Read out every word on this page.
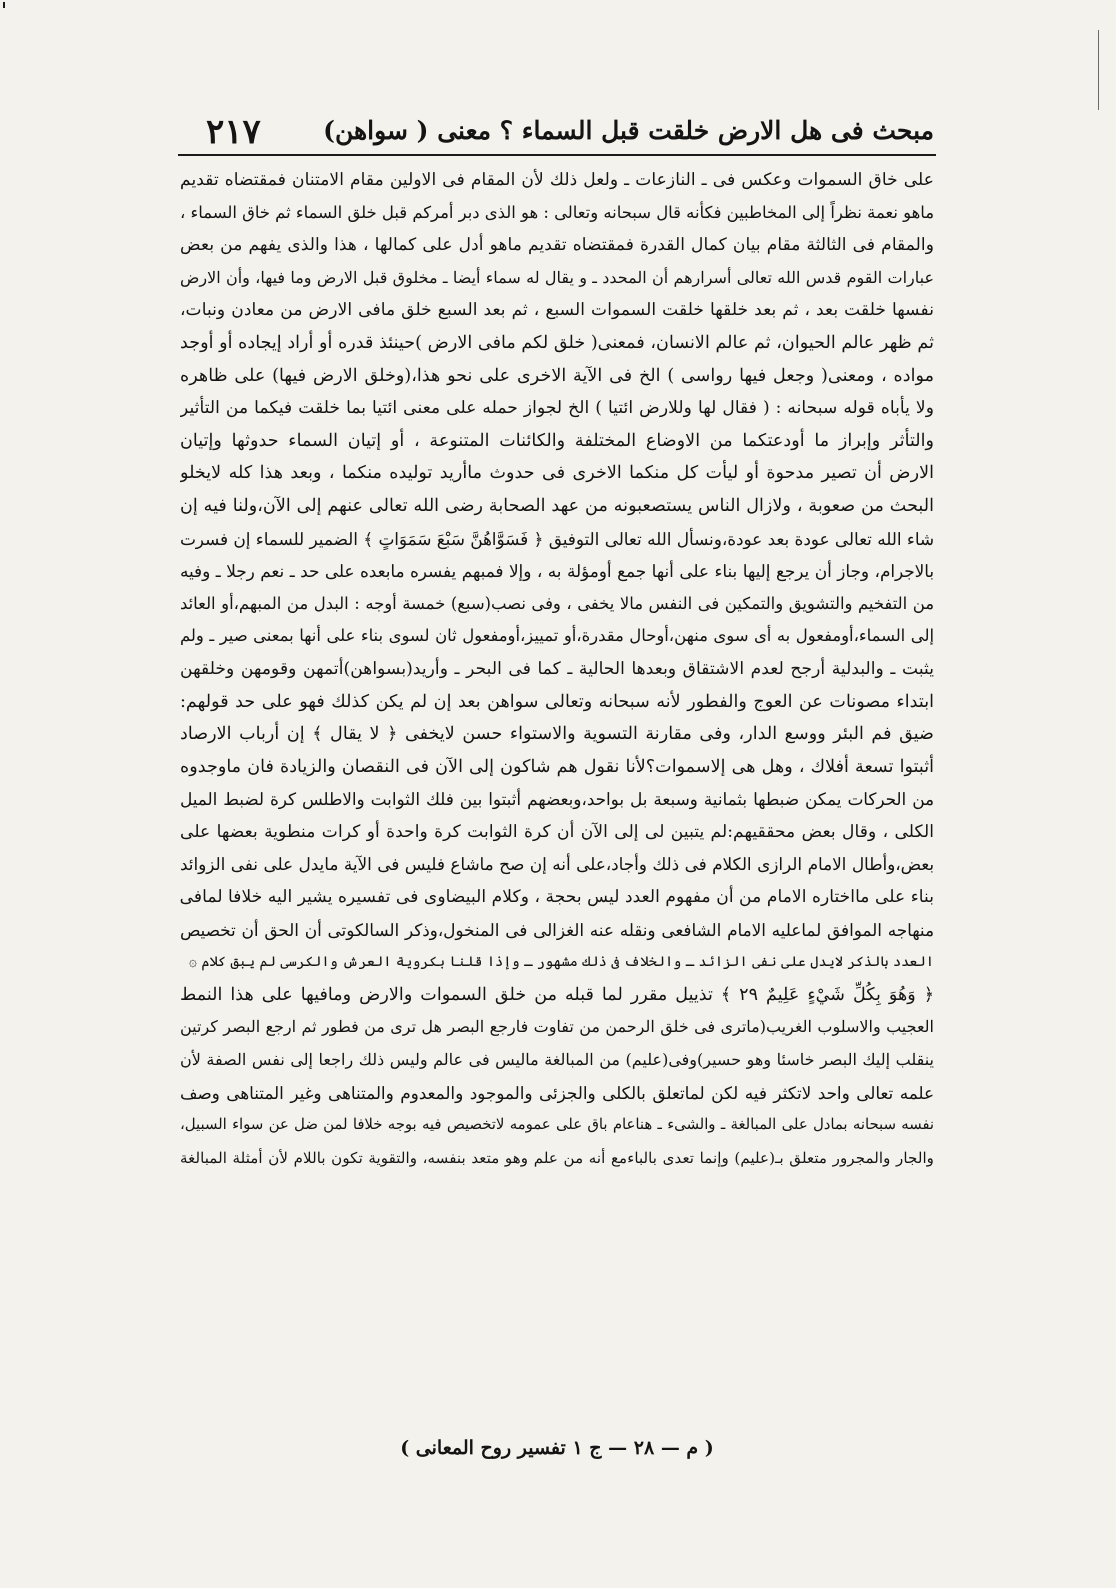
مبحث فى هل الارض خلقت قبل السماء ؟ معنى ( سواهن)
٢١٧
على خاق السموات وعكس فى ـ النازعات ـ ولعل ذلك لأن المقام فى الاولين مقام الامتنان فمقتضاه تقديم
ماهو نعمة نظراً إلى المخاطبين فكأنه قال سبحانه وتعالى : هو الذى دبر أمركم قبل خلق السماء ثم خاق السماء ،
والمقام فى الثالثة مقام بيان كمال القدرة فمقتضاه تقديم ماهو أدل على كمالها ، هذا والذى يفهم من بعض
عبارات القوم قدس الله تعالى أسرارهم أن المحدد ـ و يقال له سماء أيضا ـ مخلوق قبل الارض وما فيها، وأن الارض
نفسها خلقت بعد ، ثم بعد خلقها خلقت السموات السبع ، ثم بعد السبع خلق مافى الارض من معادن ونبات،
ثم ظهر عالم الحيوان، ثم عالم الانسان، فمعنى( خلق لكم مافى الارض )حينئذ قدره أو أراد إيجاده أو أوجد
مواده ، ومعنى( وجعل فيها رواسى ) الخ فى الآية الاخرى على نحو هذا،(وخلق الارض فيها) على ظاهره
ولا يأباه قوله سبحانه : ( فقال لها وللارض ائتيا ) الخ لجواز حمله على معنى ائتيا بما خلقت فيكما من التأثير
والتأثر وإبراز ما أودعتكما من الاوضاع المختلفة والكائنات المتنوعة ، أو إتيان السماء حدوثها وإتيان
الارض أن تصير مدحوة أو ليأت كل منكما الاخرى فى حدوث ماأريد توليده منكما ، وبعد هذا كله لايخلو
البحث من صعوبة ، ولازال الناس يستصعبونه من عهد الصحابة رضى الله تعالى عنهم إلى الآن،ولنا فيه إن
شاء الله تعالى عودة بعد عودة،ونسأل الله تعالى التوفيق ﴿ فَسَوَّاهُنَّ سَبْعَ سَمَوَاتٍ ﴾ الضمير للسماء إن فسرت
بالاجرام، وجاز أن يرجع إليها بناء على أنها جمع أومؤلة به ، وإلا فمبهم يفسره مابعده على حد ـ نعم رجلا ـ وفيه
من التفخيم والتشويق والتمكين فى النفس مالا يخفى ، وفى نصب(سبع) خمسة أوجه : البدل من المبهم،أو العائد
إلى السماء،أومفعول به أى سوى منهن،أوحال مقدرة،أو تمييز،أومفعول ثان لسوى بناء على أنها بمعنى صير ـ ولم
يثبت ـ والبدلية أرجح لعدم الاشتقاق وبعدها الحالية ـ كما فى البحر ـ وأريد(بسواهن)أتمهن وقومهن وخلقهن
ابتداء مصونات عن العوج والفطور لأنه سبحانه وتعالى سواهن بعد إن لم يكن كذلك فهو على حد قولهم:
ضيق فم البئر ووسع الدار، وفى مقارنة التسوية والاستواء حسن لايخفى ﴿ لا يقال ﴾ إن أرباب الارصاد
أثبتوا تسعة أفلاك ، وهل هى إلاسموات؟لأنا نقول هم شاكون إلى الآن فى النقصان والزيادة فان ماوجدوه
من الحركات يمكن ضبطها بثمانية وسبعة بل بواحد،وبعضهم أثبتوا بين فلك الثوابت والاطلس كرة لضبط الميل
الكلى ، وقال بعض محققيهم:لم يتبين لى إلى الآن أن كرة الثوابت كرة واحدة أو كرات منطوية بعضها على
بعض،وأطال الامام الرازى الكلام فى ذلك وأجاد،على أنه إن صح ماشاع فليس فى الآية مايدل على نفى الزوائد
بناء على مااختاره الامام من أن مفهوم العدد ليس بحجة ، وكلام البيضاوى فى تفسيره يشير اليه خلافا لمافى
منهاجه الموافق لماعليه الامام الشافعى ونقله عنه الغزالى فى المنخول،وذكر السالكوتى أن الحق أن تخصيص
العدد بالذكر لايدل على نفى الزائد ـ والخلاف فى ذلك مشهور ـ وإذا قلنا بكروية العرش والكرسى لم يبق كلام ۞
﴿ وَهُوَ بِكُلِّ شَيْءٍ عَلِيمٌ ٢٩ ﴾ تذييل مقرر لما قبله من خلق السموات والارض ومافيها على هذا النمط
العجيب والاسلوب الغريب(ماترى فى خلق الرحمن من تفاوت فارجع البصر هل ترى من فطور ثم ارجع البصر كرتين
ينقلب إليك البصر خاسئا وهو حسير)وفى(عليم) من المبالغة ماليس فى عالم وليس ذلك راجعا إلى نفس الصفة لأن
علمه تعالى واحد لاتكثر فيه لكن لماتعلق بالكلى والجزئى والموجود والمعدوم والمتناهى وغير المتناهى وصف
نفسه سبحانه بمادل على المبالغة ـ والشىء ـ هناعام باق على عمومه لاتخصيص فيه بوجه خلافا لمن ضل عن سواء السبيل،
والجار والمجرور متعلق بـ(عليم) وإنما تعدى بالباءمع أنه من علم وهو متعد بنفسه، والتقوية تكون باللام لأن أمثلة المبالغة
( م — ٢٨ — ج ١ تفسير روح المعانى )
